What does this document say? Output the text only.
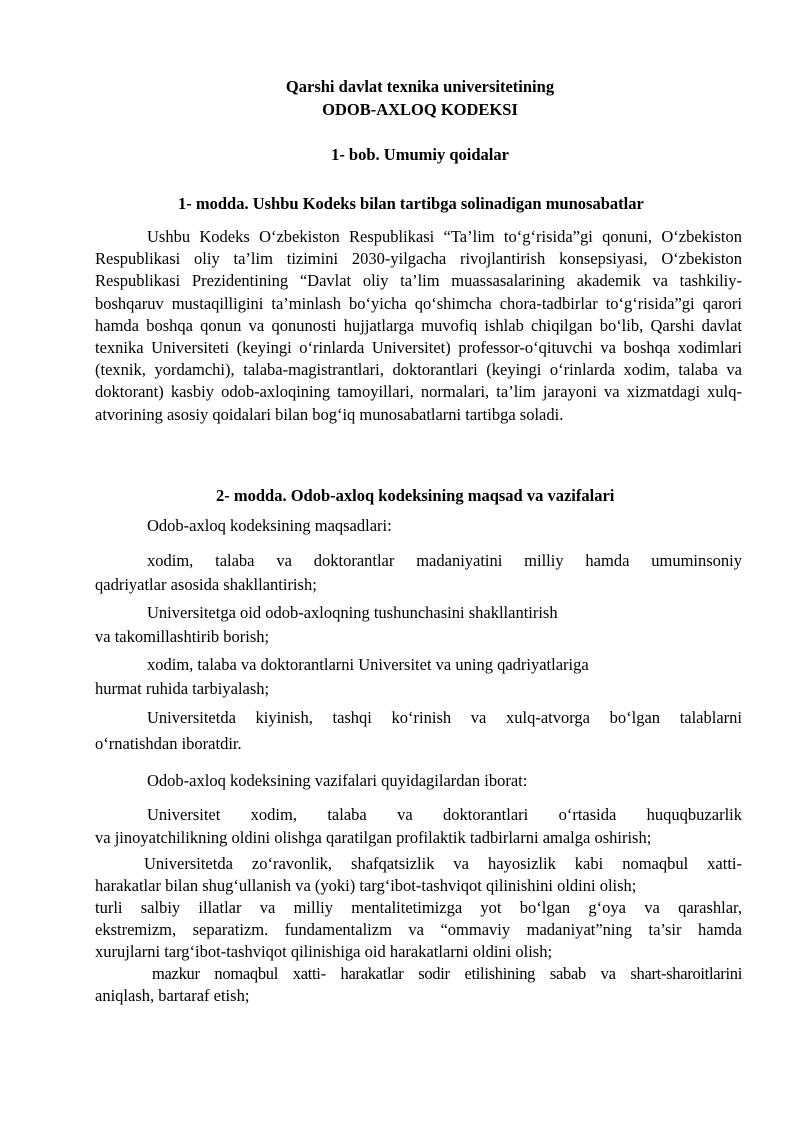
Qarshi davlat texnika universitetining
ODOB-AXLOQ KODEKSI
1- bob. Umumiy qoidalar
1- modda. Ushbu Kodeks bilan tartibga solinadigan munosabatlar
Ushbu Kodeks O‘zbekiston Respublikasi “Ta’lim to‘g‘risida”gi qonuni, O‘zbekiston Respublikasi oliy ta’lim tizimini 2030-yilgacha rivojlantirish konsepsiyasi, O‘zbekiston Respublikasi Prezidentining “Davlat oliy ta’lim muassasalarining akademik va tashkiliy-boshqaruv mustaqilligini ta’minlash bo‘yicha qo‘shimcha chora-tadbirlar to‘g‘risida”gi qarori hamda boshqa qonun va qonunosti hujjatlarga muvofiq ishlab chiqilgan bo‘lib, Qarshi davlat texnika Universiteti (keyingi o‘rinlarda Universitet) professor-o‘qituvchi va boshqa xodimlari (texnik, yordamchi), talaba-magistrantlari, doktorantlari (keyingi o‘rinlarda xodim, talaba va doktorant) kasbiy odob-axloqining tamoyillari, normalari, ta’lim jarayoni va xizmatdagi xulq-atvorining asosiy qoidalari bilan bog‘iq munosabatlarni tartibga soladi.
2- modda. Odob-axloq kodeksining maqsad va vazifalari
Odob-axloq kodeksining maqsadlari:
xodim, talaba va doktorantlar madaniyatini milliy hamda umuminsoniy
qadriyatlar asosida shakllantirish;
Universitetga oid odob-axloqning tushunchasini shakllantirish
va takomillashtirib borish;
xodim, talaba va doktorantlarni Universitet va uning qadriyatlariga
hurmat ruhida tarbiyalash;
Universitetda kiyinish, tashqi ko‘rinish va xulq-atvorga bo‘lgan talablarni
o‘rnatishdan iboratdir.
Odob-axloq kodeksining vazifalari quyidagilardan iborat:
Universitet xodim, talaba va doktorantlari o‘rtasida huquqbuzarlik
va jinoyatchilikning oldini olishga qaratilgan profilaktik tadbirlarni amalga oshirish;
Universitetda zo‘ravonlik, shafqatsizlik va hayosizlik kabi nomaqbul xatti-
harakatlar bilan shug‘ullanish va (yoki) targ‘ibot-tashviqot qilinishini oldini olish;
turli salbiy illatlar va milliy mentalitetimizga yot bo‘lgan g‘oya va qarashlar,
ekstremizm, separatizm. fundamentalizm va “ommaviy madaniyat”ning ta’sir hamda
xurujlarni targ‘ibot-tashviqot qilinishiga oid harakatlarni oldini olish;
mazkur nomaqbul xatti- harakatlar sodir etilishining sabab va shart-sharoitlarini
aniqlash, bartaraf etish;
